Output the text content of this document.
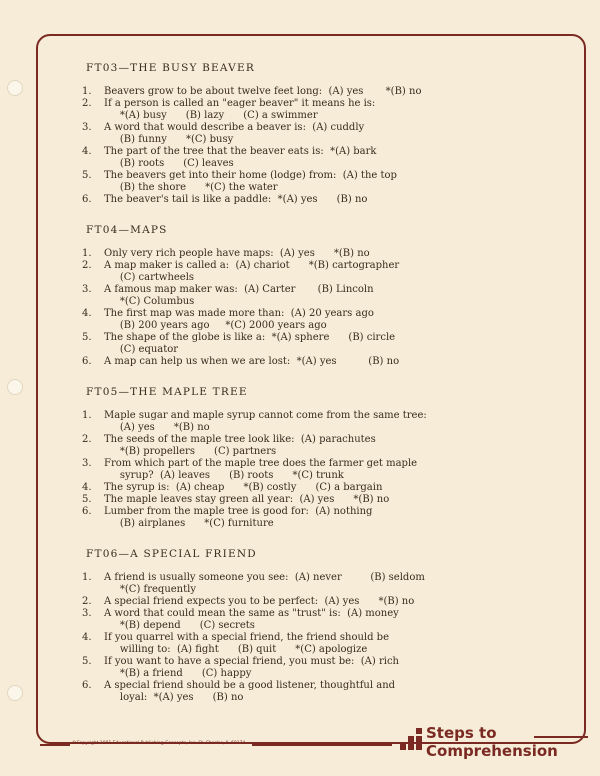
FT03—THE BUSY BEAVER
1.	Beavers grow to be about twelve feet long:  (A) yes       *(B) no

2.	If a person is called an "eager beaver" it means he is:

*(A) busy      (B) lazy      (C) a swimmer

3.	A word that would describe a beaver is:  (A) cuddly

(B) funny      *(C) busy

4.	The part of the tree that the beaver eats is:  *(A) bark

(B) roots      (C) leaves

5.	The beavers get into their home (lodge) from:  (A) the top

(B) the shore      *(C) the water

6.	The beaver's tail is like a paddle:  *(A) yes      (B) no

FT04—MAPS
1.	Only very rich people have maps:  (A) yes      *(B) no

2.	A map maker is called a:  (A) chariot      *(B) cartographer

(C) cartwheels

3.	A famous map maker was:  (A) Carter       (B) Lincoln

*(C) Columbus

4.	The first map was made more than:  (A) 20 years ago

(B) 200 years ago     *(C) 2000 years ago

5.	The shape of the globe is like a:  *(A) sphere      (B) circle

(C) equator

6.	A map can help us when we are lost:  *(A) yes          (B) no

FT05—THE MAPLE TREE
1.	Maple sugar and maple syrup cannot come from the same tree:

(A) yes      *(B) no

2.	The seeds of the maple tree look like:  (A) parachutes

*(B) propellers      (C) partners

3.	From which part of the maple tree does the farmer get maple

syrup?  (A) leaves      (B) roots      *(C) trunk

4.	The syrup is:  (A) cheap      *(B) costly      (C) a bargain

5.	The maple leaves stay green all year:  (A) yes      *(B) no

6.	Lumber from the maple tree is good for:  (A) nothing

(B) airplanes      *(C) furniture

FT06—A SPECIAL FRIEND
1.	A friend is usually someone you see:  (A) never         (B) seldom

*(C) frequently

2.	A special friend expects you to be perfect:  (A) yes      *(B) no

3.	A word that could mean the same as "trust" is:  (A) money

*(B) depend      (C) secrets

4.	If you quarrel with a special friend, the friend should be

willing to:  (A) fight      (B) quit      *(C) apologize

5.	If you want to have a special friend, you must be:  (A) rich

*(B) a friend      (C) happy

6.	A special friend should be a good listener, thoughtful and

loyal:  *(A) yes      (B) no

©Copyright 1981 Educational Publishing Concepts, Inc. St. Charles, IL 60174
Steps to
Comprehension
